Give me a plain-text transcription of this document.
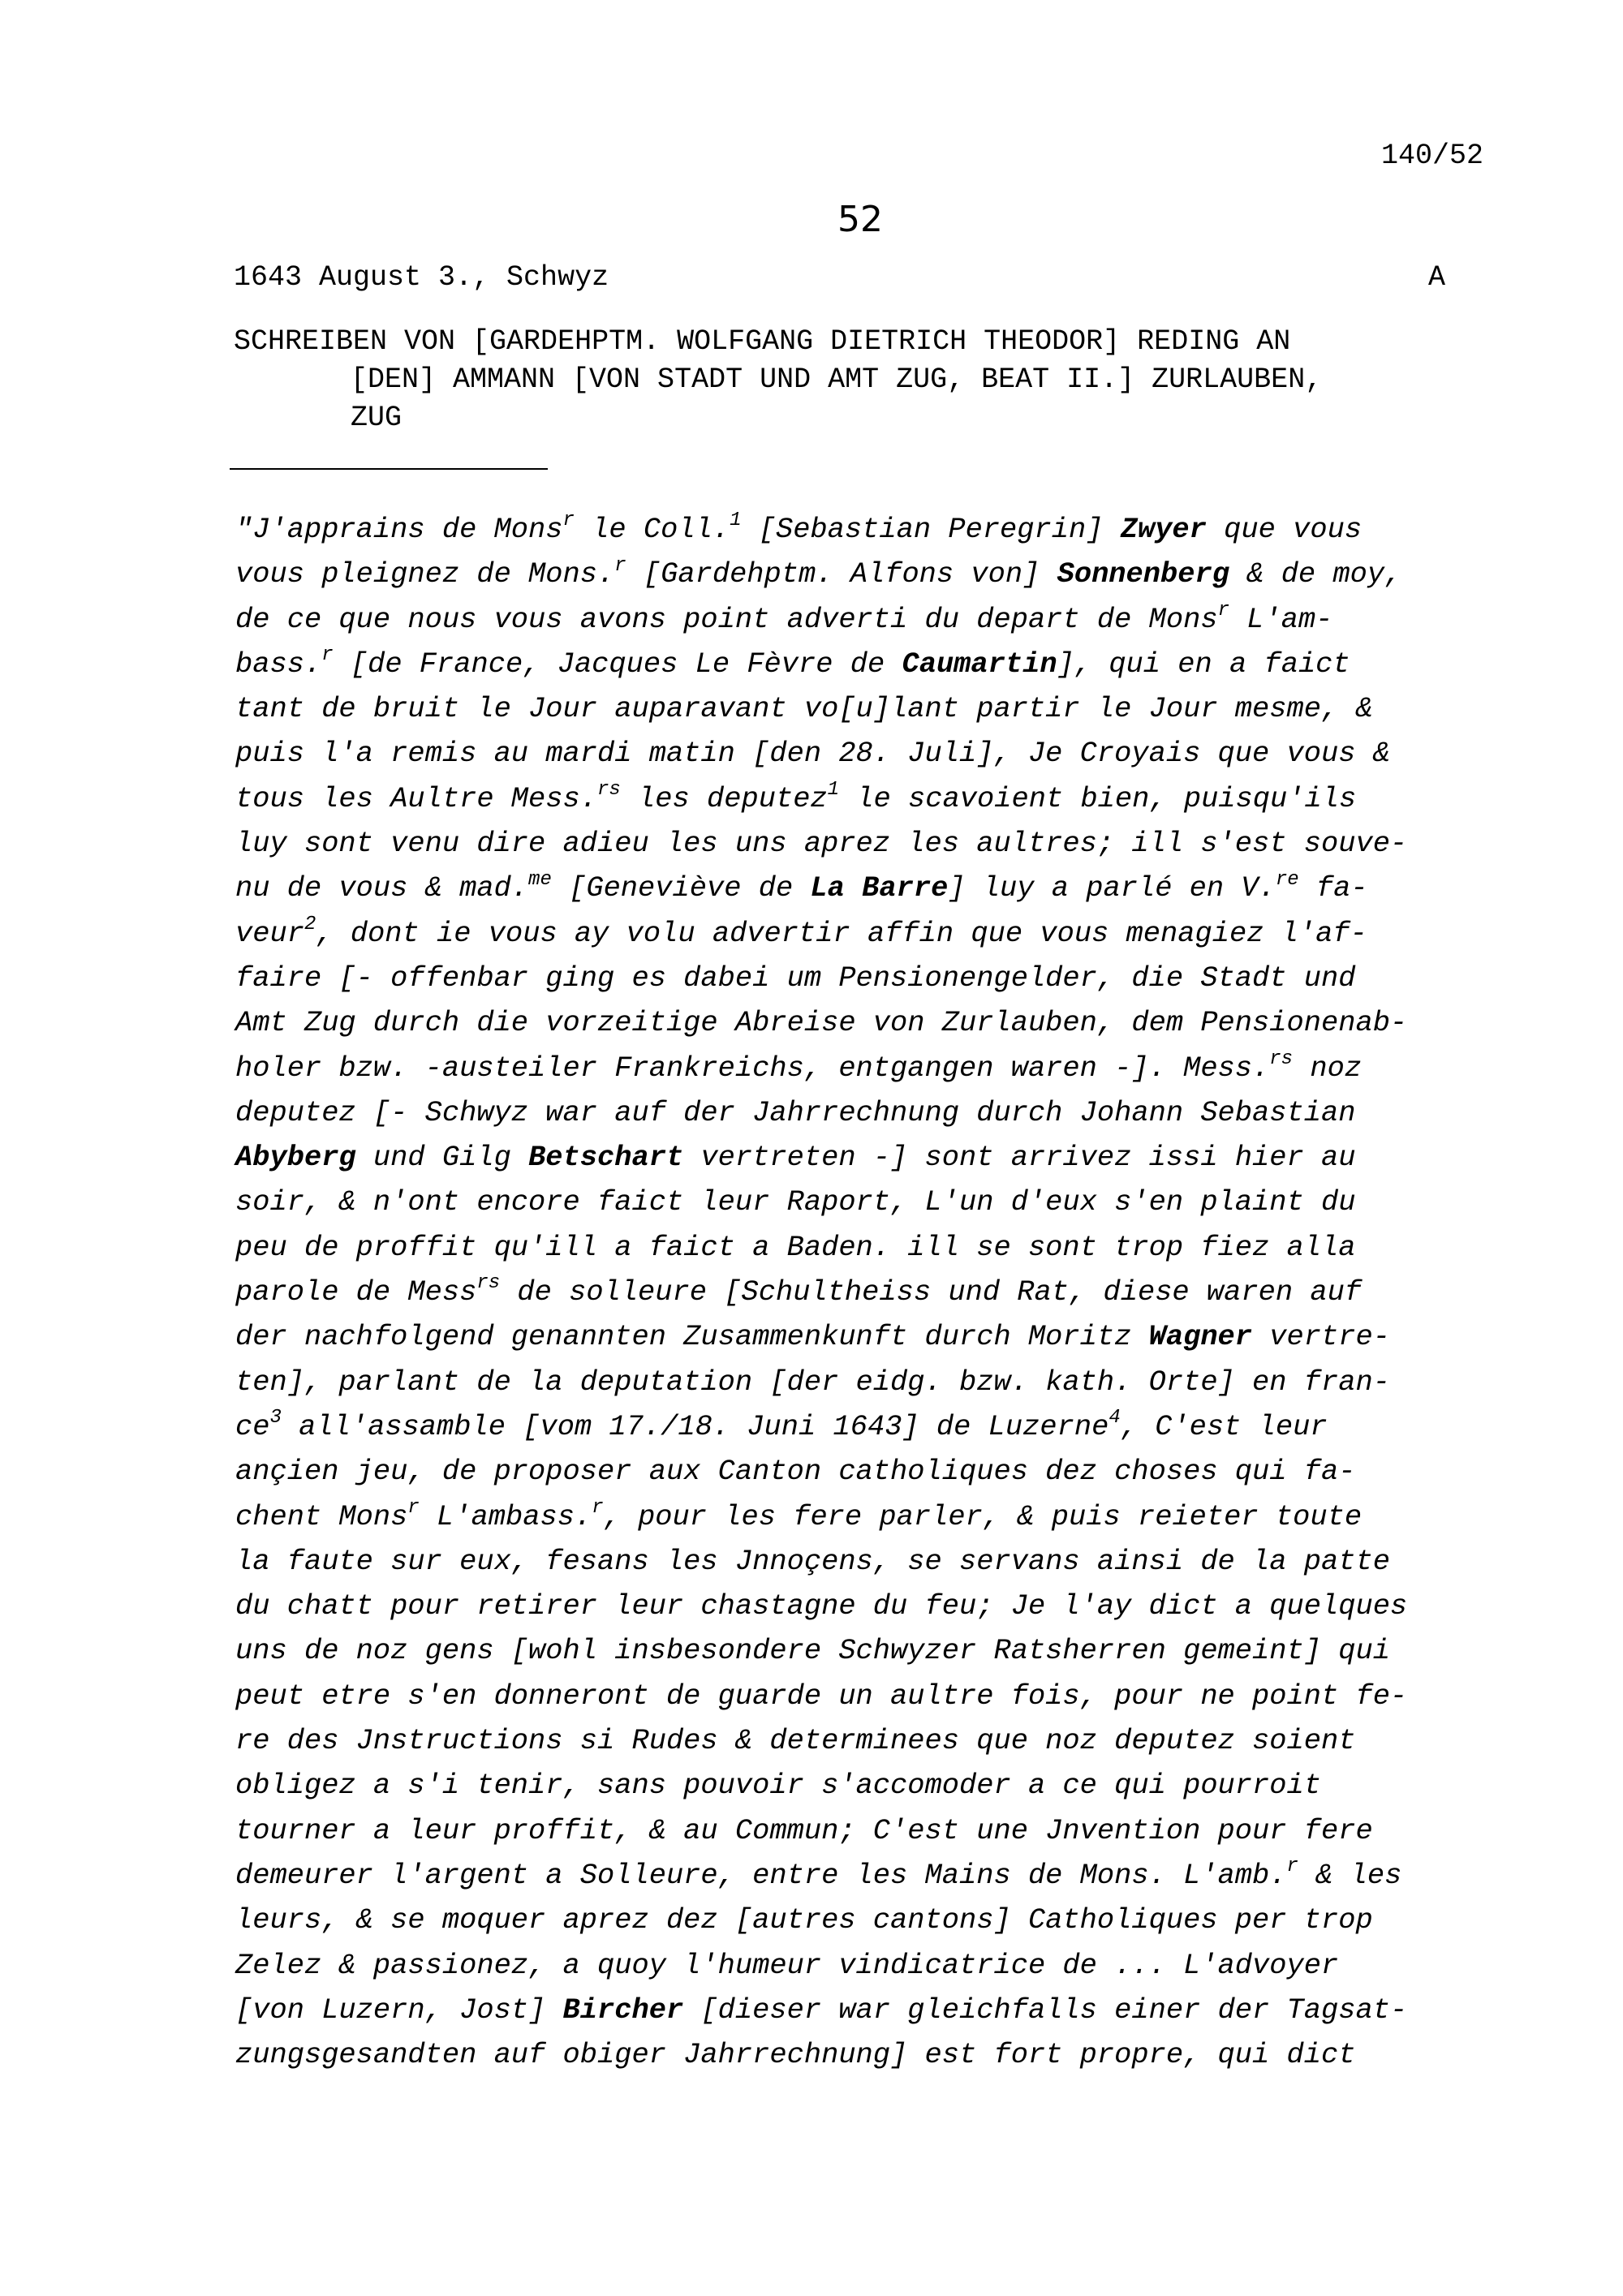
140/52
52
1643 August 3., Schwyz	A
SCHREIBEN VON [GARDEHPTM. WOLFGANG DIETRICH THEODOR] REDING AN
[DEN] AMMANN [VON STADT UND AMT ZUG, BEAT II.] ZURLAUBEN,
ZUG
"J'apprains de Mons$^r$ le Coll.$^1$ [Sebastian Peregrin] Zwyer que vous
vous pleignez de Mons.$^r$ [Gardehptm. Alfons von] Sonnenberg & de moy,
de ce que nous vous avons point adverti du depart de Mons$^r$ L'am-
bass.$^r$ [de France, Jacques Le Fèvre de Caumartin], qui en a faict
tant de bruit le Jour auparavant vo[u]lant partir le Jour mesme, &
puis l'a remis au mardi matin [den 28. Juli], Je Croyais que vous &
tous les Aultre Mess.$^{rs}$ les deputez$^1$ le scavoient bien, puisqu'ils
luy sont venu dire adieu les uns aprez les aultres; ill s'est souve-
nu de vous & mad.$^{me}$ [Geneviève de La Barre] luy a parlé en V.$^{re}$ fa-
veur$^2$, dont ie vous ay volu advertir affin que vous menagiez l'af-
faire [- offenbar ging es dabei um Pensionengelder, die Stadt und
Amt Zug durch die vorzeitige Abreise von Zurlauben, dem Pensionenab-
holer bzw. -austeiler Frankreichs, entgangen waren -]. Mess.$^{rs}$ noz
deputez [- Schwyz war auf der Jahrrechnung durch Johann Sebastian
Abyberg und Gilg Betschart vertreten -] sont arrivez issi hier au
soir, & n'ont encore faict leur Raport, L'un d'eux s'en plaint du
peu de proffit qu'ill a faict a Baden. ill se sont trop fiez alla
parole de Mess$^{rs}$ de solleure [Schultheiss und Rat, diese waren auf
der nachfolgend genannten Zusammenkunft durch Moritz Wagner vertre-
ten], parlant de la deputation [der eidg. bzw. kath. Orte] en fran-
$ce^3$ all'assamble [vom 17./18. Juni 1643] de Luzerne$^4$, C'est leur
ançien jeu, de proposer aux Canton catholiques dez choses qui fa-
chent Mons$^r$ L'ambass.$^r$, pour les fere parler, & puis reieter toute
la faute sur eux, fesans les Jnnoçens, se servans ainsi de la patte
du chatt pour retirer leur chastagne du feu; Je l'ay dict a quelques
uns de noz gens [wohl insbesondere Schwyzer Ratsherren gemeint] qui
peut etre s'en donneront de guarde un aultre fois, pour ne point fe-
re des Jnstructions si Rudes & determinees que noz deputez soient
obligez a s'i tenir, sans pouvoir s'accomoder a ce qui pourroit
tourner a leur proffit, & au Commun; C'est une Jnvention pour fere
demeurer l'argent a Solleure, entre les Mains de Mons. L'amb.$^r$ & les
leurs, & se moquer aprez dez [autres cantons] Catholiques per trop
Zelez & passionez, a quoy l'humeur vindicatrice de ... L'advoyer
[von Luzern, Jost] Bircher [dieser war gleichfalls einer der Tagsat-
zungsgesandten auf obiger Jahrrechnung] est fort propre, qui dict
